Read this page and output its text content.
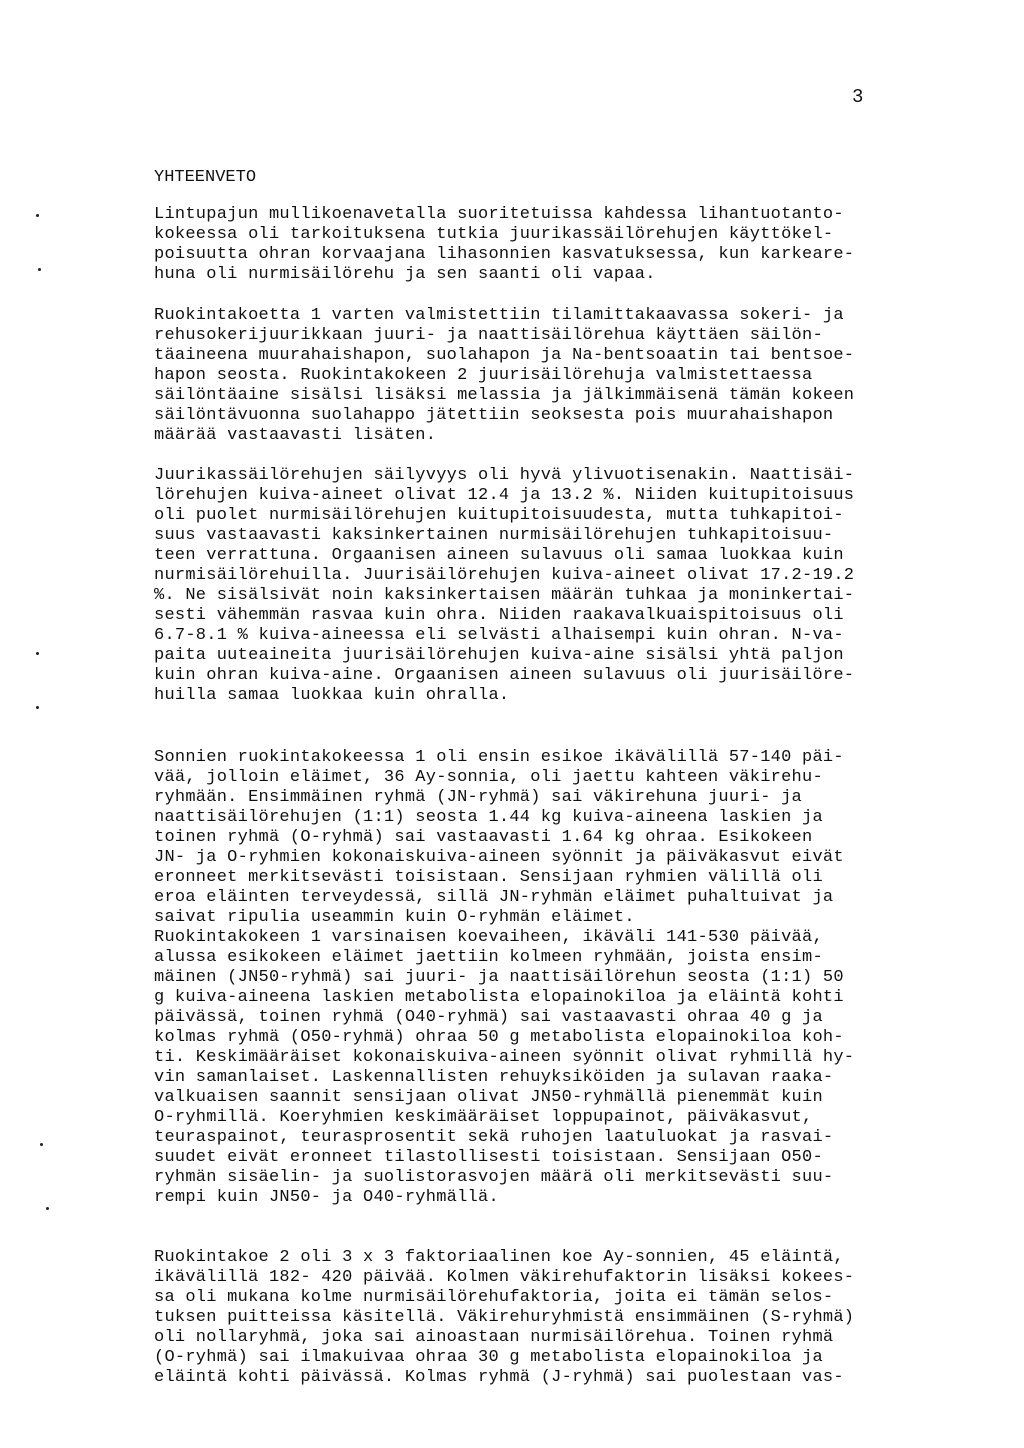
3
YHTEENVETO
Lintupajun mullikoenavetalla suoritetuissa kahdessa lihantuotanto-
kokeessa oli tarkoituksena tutkia juurikassäilörehujen käyttökel-
poisuutta ohran korvaajana lihasonnien kasvatuksessa, kun karkeare-
huna oli nurmisäilörehu ja sen saanti oli vapaa.
Ruokintakoetta 1 varten valmistettiin tilamittakaavassa sokeri- ja
rehusokerijuurikkaan juuri- ja naattisäilörehua käyttäen säilön-
täaineena muurahaishapon, suolahapon ja Na-bentsoaatin tai bentsoe-
hapon seosta. Ruokintakokeen 2 juurisäilörehuja valmistettaessa
säilöntäaine sisälsi lisäksi melassia ja jälkimmäisenä tämän kokeen
säilöntävuonna suolahappo jätettiin seoksesta pois muurahaishapon
määrää vastaavasti lisäten.
Juurikassäilörehujen säilyvyys oli hyvä ylivuotisenakin. Naattisäi-
lörehujen kuiva-aineet olivat 12.4 ja 13.2 %. Niiden kuitupitoisuus
oli puolet nurmisäilörehujen kuitupitoisuudesta, mutta tuhkapitoi-
suus vastaavasti kaksinkertainen nurmisäilörehujen tuhkapitoisuu-
teen verrattuna. Orgaanisen aineen sulavuus oli samaa luokkaa kuin
nurmisäilörehuilla. Juurisäilörehujen kuiva-aineet olivat 17.2-19.2
%. Ne sisälsivät noin kaksinkertaisen määrän tuhkaa ja moninkertai-
sesti vähemmän rasvaa kuin ohra. Niiden raakavalkuaispitoisuus oli
6.7-8.1 % kuiva-aineessa eli selvästi alhaisempi kuin ohran. N-va-
paita uuteaineita juurisäilörehujen kuiva-aine sisälsi yhtä paljon
kuin ohran kuiva-aine. Orgaanisen aineen sulavuus oli juurisäilöre-
huilla samaa luokkaa kuin ohralla.
Sonnien ruokintakokeessa 1 oli ensin esikoe ikävälillä 57-140 päi-
vää, jolloin eläimet, 36 Ay-sonnia, oli jaettu kahteen väkirehu-
ryhmään. Ensimmäinen ryhmä (JN-ryhmä) sai väkirehuna juuri- ja
naattisäilörehujen (1:1) seosta 1.44 kg kuiva-aineena laskien ja
toinen ryhmä (O-ryhmä) sai vastaavasti 1.64 kg ohraa. Esikokeen
JN- ja O-ryhmien kokonaiskuiva-aineen syönnit ja päiväkasvut eivät
eronneet merkitsevästi toisistaan. Sensijaan ryhmien välillä oli
eroa eläinten terveydessä, sillä JN-ryhmän eläimet puhaltuivat ja
saivat ripulia useammin kuin O-ryhmän eläimet.
Ruokintakokeen 1 varsinaisen koevaiheen, ikäväli 141-530 päivää,
alussa esikokeen eläimet jaettiin kolmeen ryhmään, joista ensim-
mäinen (JN50-ryhmä) sai juuri- ja naattisäilörehun seosta (1:1) 50
g kuiva-aineena laskien metabolista elopainokiloa ja eläintä kohti
päivässä, toinen ryhmä (O40-ryhmä) sai vastaavasti ohraa 40 g ja
kolmas ryhmä (O50-ryhmä) ohraa 50 g metabolista elopainokiloa koh-
ti. Keskimääräiset kokonaiskuiva-aineen syönnit olivat ryhmillä hy-
vin samanlaiset. Laskennallisten rehuyksiköiden ja sulavan raaka-
valkuaisen saannit sensijaan olivat JN50-ryhmällä pienemmät kuin
O-ryhmillä. Koeryhmien keskimääräiset loppupainot, päiväkasvut,
teuraspainot, teurasprosentit sekä ruhojen laatuluokat ja rasvai-
suudet eivät eronneet tilastollisesti toisistaan. Sensijaan O50-
ryhmän sisäelin- ja suolistorasvojen määrä oli merkitsevästi suu-
rempi kuin JN50- ja O40-ryhmällä.
Ruokintakoe 2 oli 3 x 3 faktoriaalinen koe Ay-sonnien, 45 eläintä,
ikävälillä 182- 420 päivää. Kolmen väkirehufaktorin lisäksi kokees-
sa oli mukana kolme nurmisäilörehufaktoria, joita ei tämän selos-
tuksen puitteissa käsitellä. Väkirehuryhmistä ensimmäinen (S-ryhmä)
oli nollaryhmä, joka sai ainoastaan nurmisäilörehua. Toinen ryhmä
(O-ryhmä) sai ilmakuivaa ohraa 30 g metabolista elopainokiloa ja
eläintä kohti päivässä. Kolmas ryhmä (J-ryhmä) sai puolestaan vas-
